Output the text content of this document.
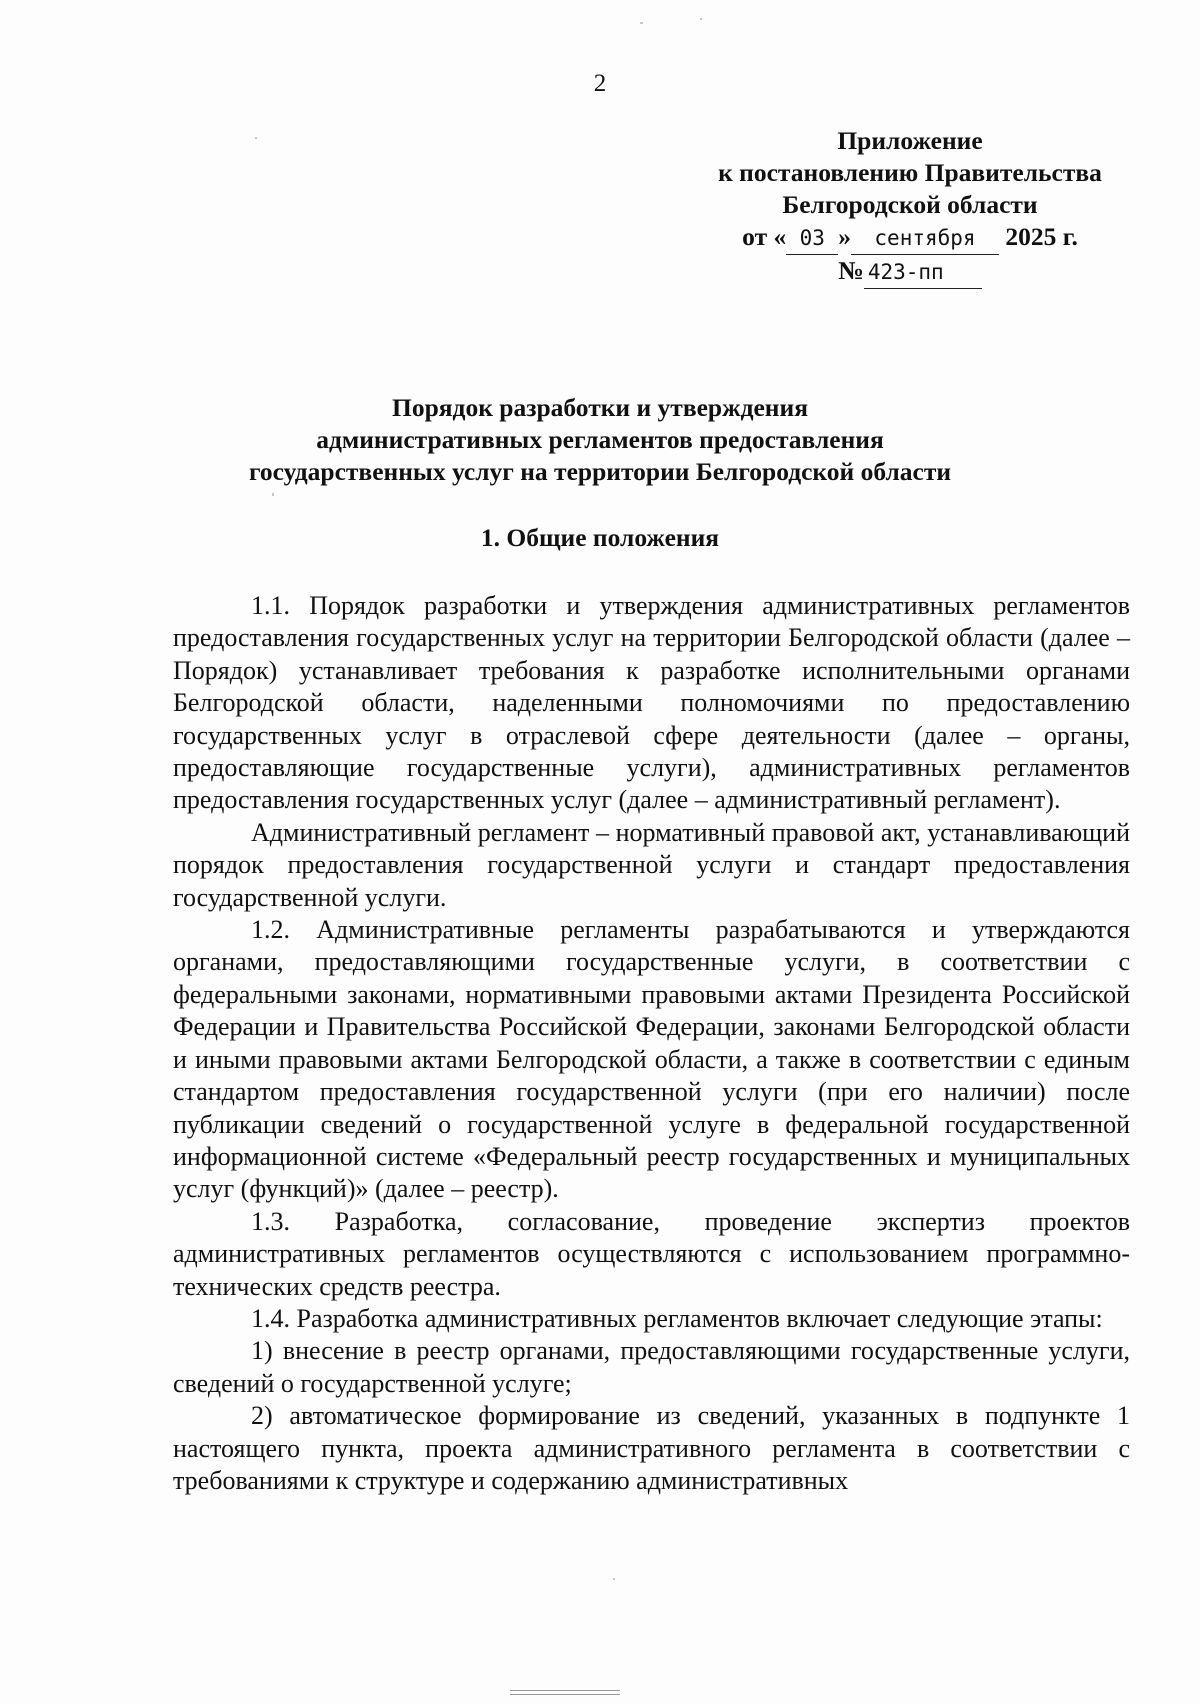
2
Приложение
к постановлению Правительства
Белгородской области
от « 03 » сентября 2025 г.
№ 423-пп
Порядок разработки и утверждения
административных регламентов предоставления
государственных услуг на территории Белгородской области
1. Общие положения

1.1. Порядок разработки и утверждения административных регламентов предоставления государственных услуг на территории Белгородской области (далее – Порядок) устанавливает требования к разработке исполнительными органами Белгородской области, наделенными полномочиями по предоставлению государственных услуг в отраслевой сфере деятельности (далее – органы, предоставляющие государственные услуги), административных регламентов предоставления государственных услуг (далее – административный регламент).

Административный регламент – нормативный правовой акт, устанавливающий порядок предоставления государственной услуги и стандарт предоставления государственной услуги.

1.2. Административные регламенты разрабатываются и утверждаются органами, предоставляющими государственные услуги, в соответствии с федеральными законами, нормативными правовыми актами Президента Российской Федерации и Правительства Российской Федерации, законами Белгородской области и иными правовыми актами Белгородской области, а также в соответствии с единым стандартом предоставления государственной услуги (при его наличии) после публикации сведений о государственной услуге в федеральной государственной информационной системе «Федеральный реестр государственных и муниципальных услуг (функций)» (далее – реестр).

1.3. Разработка, согласование, проведение экспертиз проектов административных регламентов осуществляются с использованием программно-технических средств реестра.

1.4. Разработка административных регламентов включает следующие этапы:

1) внесение в реестр органами, предоставляющими государственные услуги, сведений о государственной услуге;

2) автоматическое формирование из сведений, указанных в подпункте 1 настоящего пункта, проекта административного регламента в соответствии с требованиями к структуре и содержанию административных
